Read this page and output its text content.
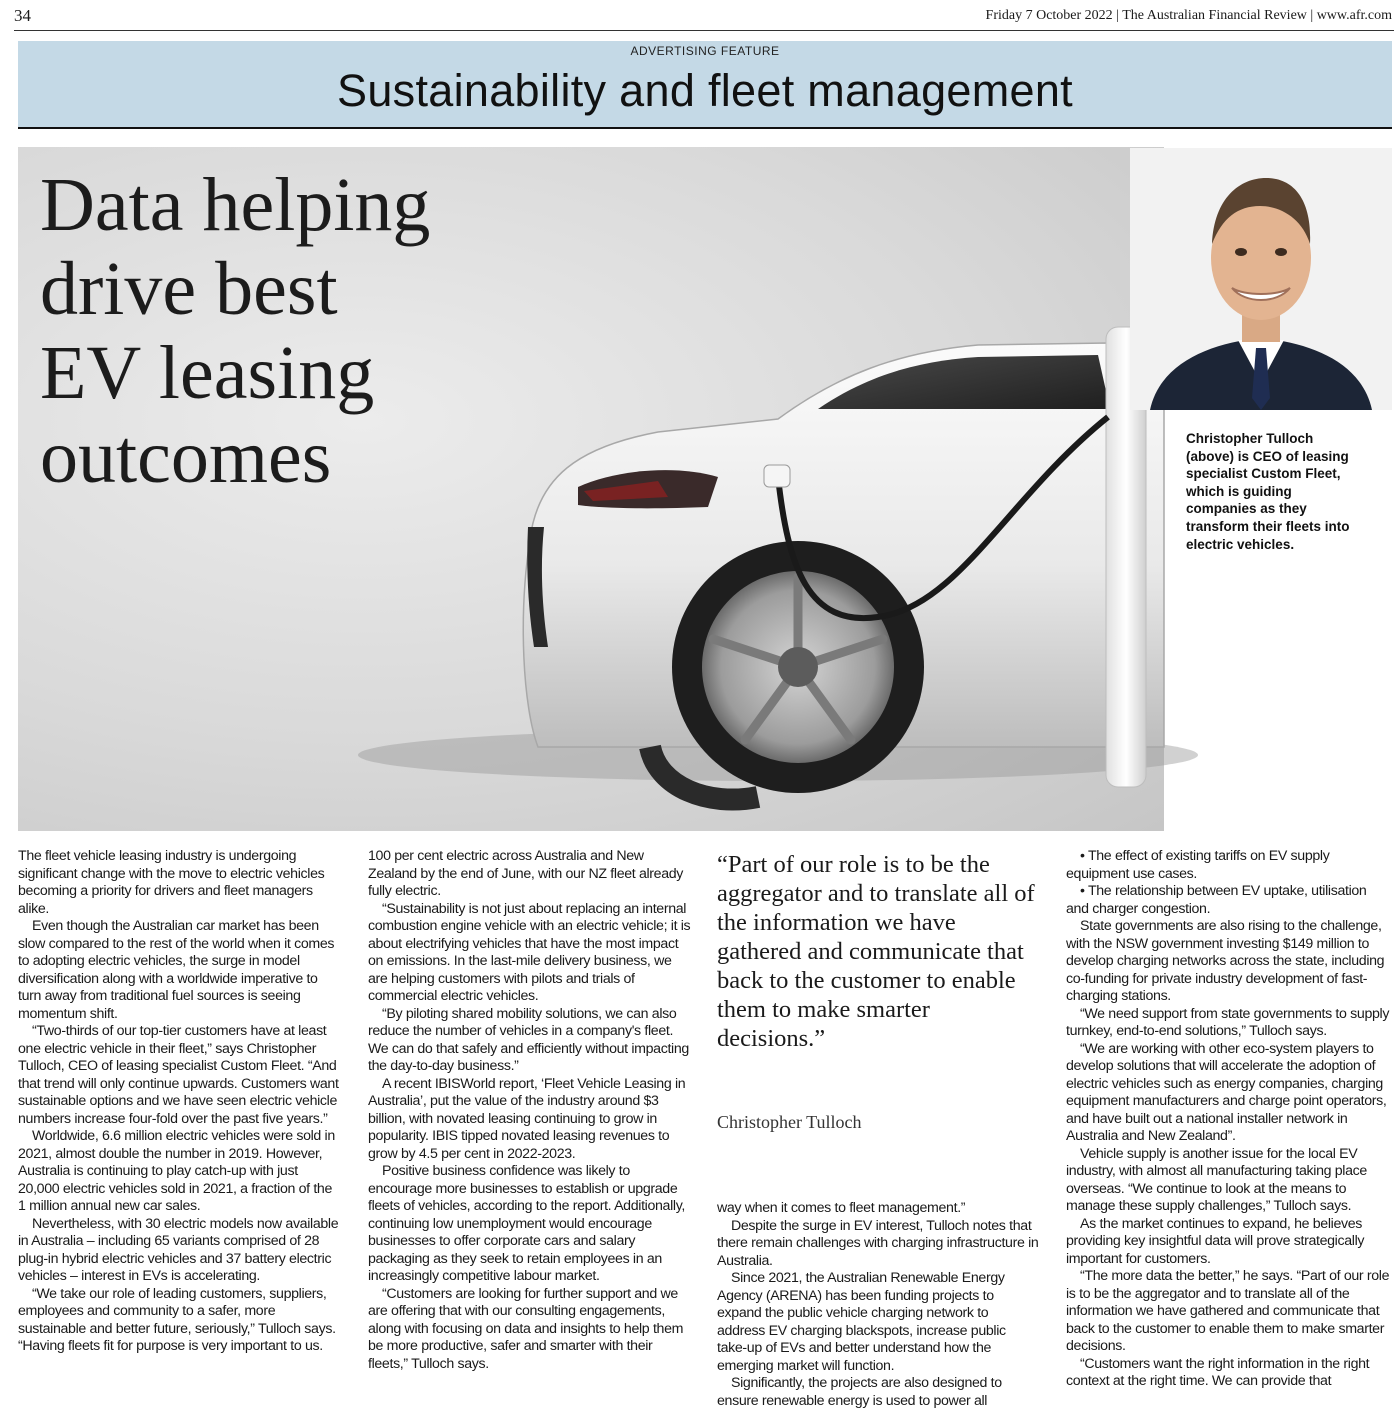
34	Friday 7 October 2022 | The Australian Financial Review | www.afr.com
ADVERTISING FEATURE
Sustainability and fleet management
Data helping
drive best
EV leasing
outcomes	Christopher Tulloch (above) is CEO of leasing specialist Custom Fleet, which is guiding companies as they transform their fleets into electric vehicles.

The fleet vehicle leasing industry is undergoing significant change with the move to electric vehicles becoming a priority for drivers and fleet managers alike.

Even though the Australian car market has been slow compared to the rest of the world when it comes to adopting electric vehicles, the surge in model diversification along with a worldwide imperative to turn away from traditional fuel sources is seeing momentum shift.

“Two-thirds of our top-tier customers have at least one electric vehicle in their fleet,” says Christopher Tulloch, CEO of leasing specialist Custom Fleet. “And that trend will only continue upwards. Customers want sustainable options and we have seen electric vehicle numbers increase four-fold over the past five years.”

Worldwide, 6.6 million electric vehicles were sold in 2021, almost double the number in 2019. However, Australia is continuing to play catch-up with just 20,000 electric vehicles sold in 2021, a fraction of the 1 million annual new car sales.

Nevertheless, with 30 electric models now available in Australia – including 65 variants comprised of 28 plug-in hybrid electric vehicles and 37 battery electric vehicles – interest in EVs is accelerating.

“We take our role of leading customers, suppliers, employees and community to a safer, more sustainable and better future, seriously,” Tulloch says. “Having fleets fit for purpose is very important to us.

100 per cent electric across Australia and New Zealand by the end of June, with our NZ fleet already fully electric.

“Sustainability is not just about replacing an internal combustion engine vehicle with an electric vehicle; it is about electrifying vehicles that have the most impact on emissions. In the last-mile delivery business, we are helping customers with pilots and trials of commercial electric vehicles.

“By piloting shared mobility solutions, we can also reduce the number of vehicles in a company's fleet. We can do that safely and efficiently without impacting the day-to-day business.”

A recent IBISWorld report, ‘Fleet Vehicle Leasing in Australia’, put the value of the industry around $3 billion, with novated leasing continuing to grow in popularity. IBIS tipped novated leasing revenues to grow by 4.5 per cent in 2022-2023.

Positive business confidence was likely to encourage more businesses to establish or upgrade fleets of vehicles, according to the report. Additionally, continuing low unemployment would encourage businesses to offer corporate cars and salary packaging as they seek to retain employees in an increasingly competitive labour market.

“Customers are looking for further support and we are offering that with our consulting engagements, along with focusing on data and insights to help them be more productive, safer and smarter with their fleets,” Tulloch says.

“Part of our role is to be the aggregator and to translate all of the information we have gathered and communicate that back to the customer to enable them to make smarter decisions.”
Christopher Tulloch

way when it comes to fleet management.”

Despite the surge in EV interest, Tulloch notes that there remain challenges with charging infrastructure in Australia.

Since 2021, the Australian Renewable Energy Agency (ARENA) has been funding projects to expand the public vehicle charging network to address EV charging blackspots, increase public take-up of EVs and better understand how the emerging market will function.

Significantly, the projects are also designed to ensure renewable energy is used to power all

• The effect of existing tariffs on EV supply equipment use cases.

• The relationship between EV uptake, utilisation and charger congestion.

State governments are also rising to the challenge, with the NSW government investing $149 million to develop charging networks across the state, including co-funding for private industry development of fast-charging stations.

“We need support from state governments to supply turnkey, end-to-end solutions,” Tulloch says.

“We are working with other eco-system players to develop solutions that will accelerate the adoption of electric vehicles such as energy companies, charging equipment manufacturers and charge point operators, and have built out a national installer network in Australia and New Zealand”.

Vehicle supply is another issue for the local EV industry, with almost all manufacturing taking place overseas. “We continue to look at the means to manage these supply challenges,” Tulloch says.

As the market continues to expand, he believes providing key insightful data will prove strategically important for customers.

“The more data the better,” he says. “Part of our role is to be the aggregator and to translate all of the information we have gathered and communicate that back to the customer to enable them to make smarter decisions.

“Customers want the right information in the right context at the right time. We can provide that
